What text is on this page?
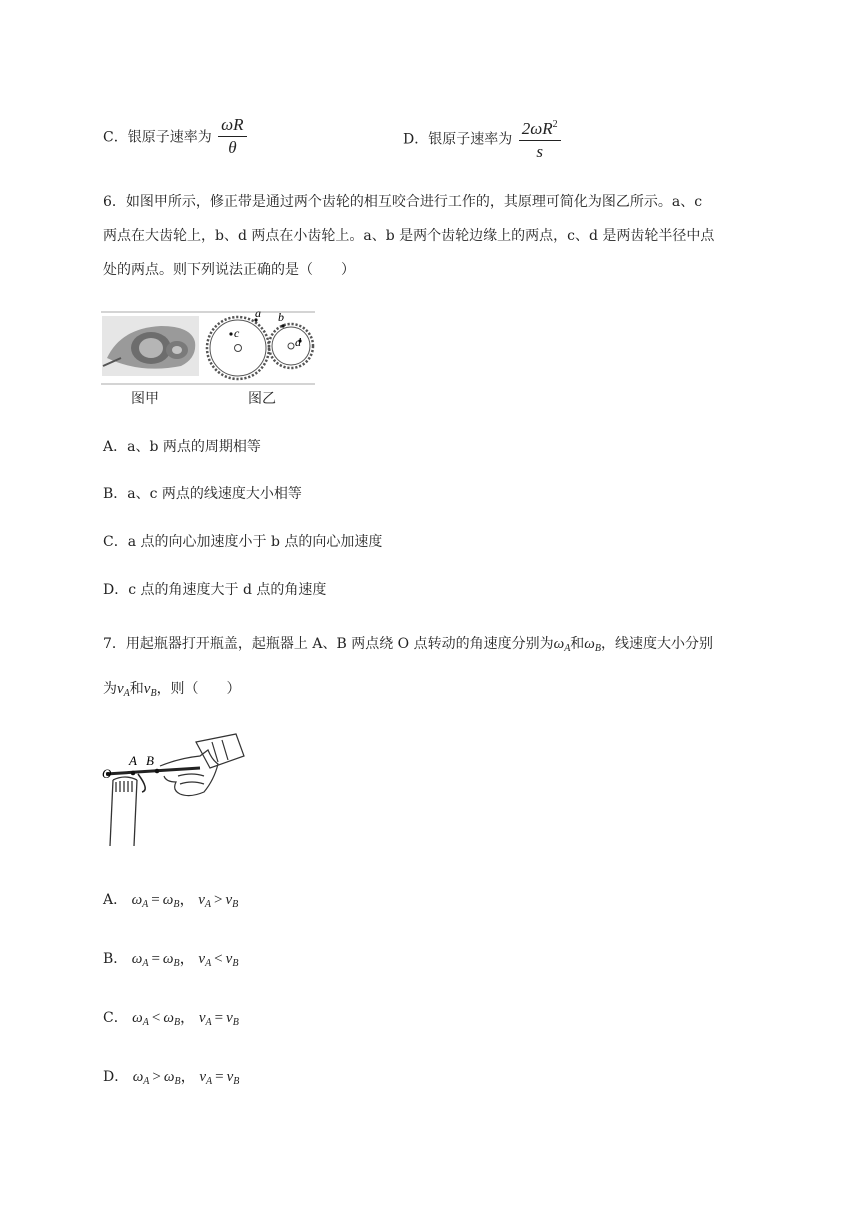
C．银原子速率为 $\frac{\omega R}{\theta}$	D．银原子速率为 $\frac{2\omega R^2}{s}$
6．如图甲所示，修正带是通过两个齿轮的相互咬合进行工作的，其原理可简化为图乙所示。a、c
两点在大齿轮上，b、d 两点在小齿轮上。a、b 是两个齿轮边缘上的两点，c、d 是两齿轮半径中点
处的两点。则下列说法正确的是（　　）
c
a b
d
图甲	图乙
A．a、b 两点的周期相等
B．a、c 两点的线速度大小相等
C．a 点的向心加速度小于 b 点的向心加速度
D．c 点的角速度大于 d 点的角速度
7．用起瓶器打开瓶盖，起瓶器上 A、B 两点绕 O 点转动的角速度分别为$\omega_A$和$\omega_B$，线速度大小分别
为$v_A$和$v_B$，则（　　）
O
A B
A． $\omega_A = \omega_B$， $v_A > v_B$
B． $\omega_A = \omega_B$， $v_A < v_B$
C． $\omega_A < \omega_B$， $v_A = v_B$
D． $\omega_A > \omega_B$， $v_A = v_B$
